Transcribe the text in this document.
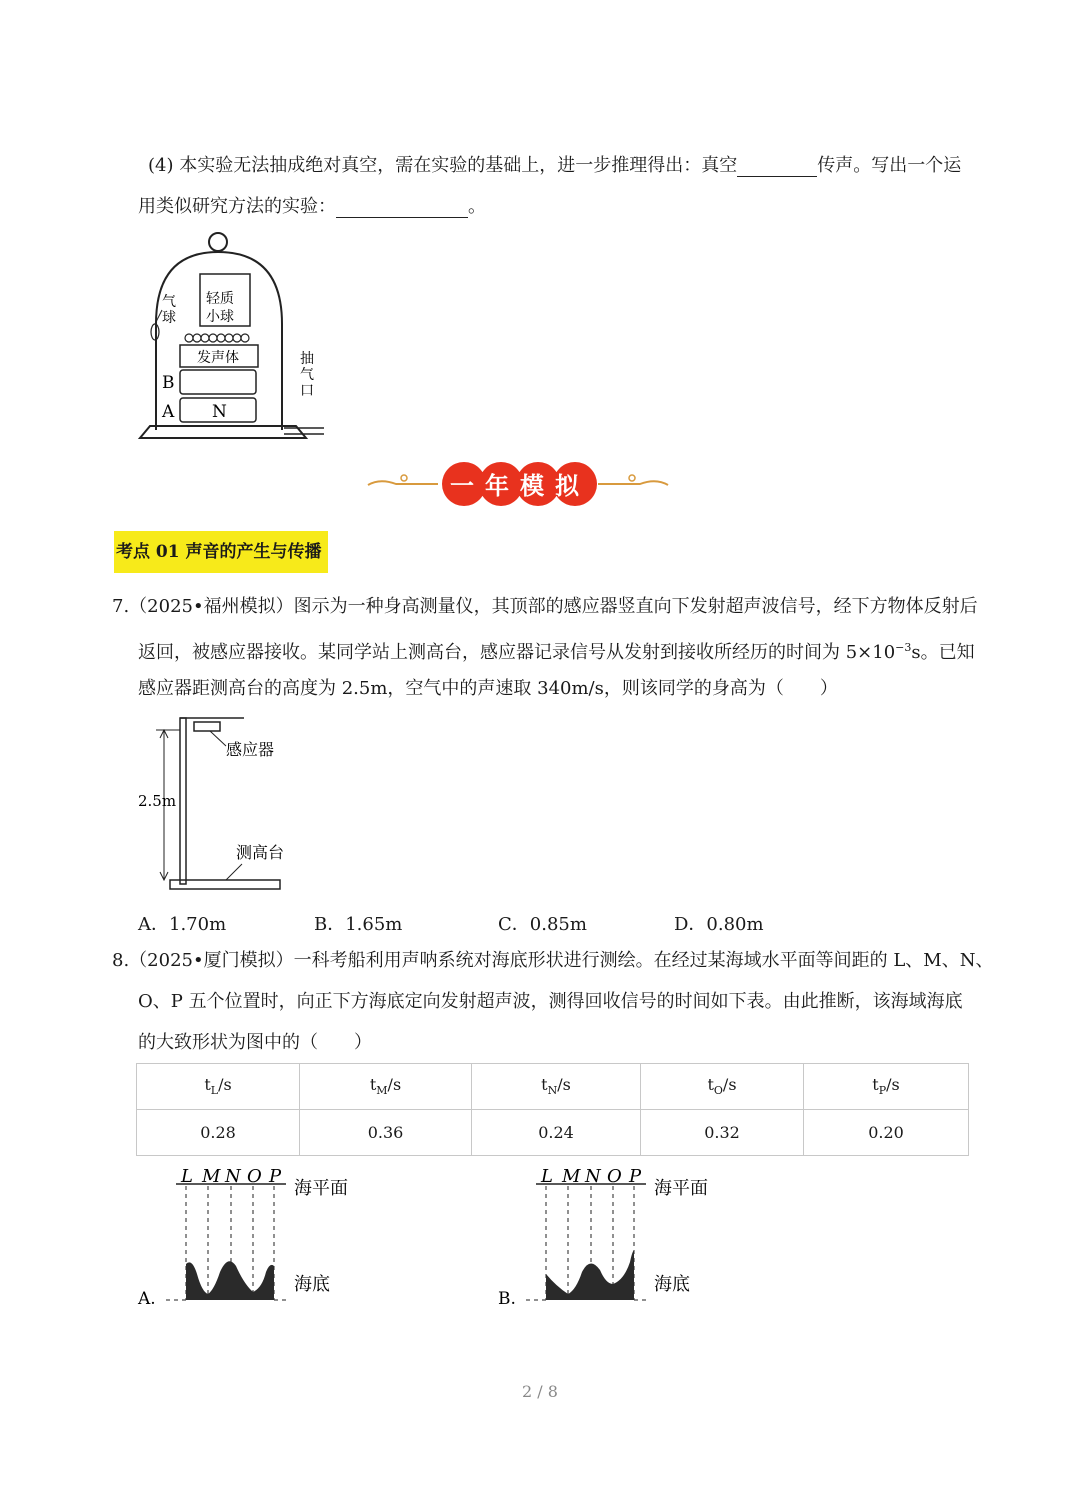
(4) 本实验无法抽成绝对真空，需在实验的基础上，进一步推理得出：真空	传声。写出一个运
用类似研究方法的实验：	。
气
球
轻质
小球
发声体
B
A N
抽
气
口
一年模拟
考点 01 声音的产生与传播
7.（2025•福州模拟）图示为一种身高测量仪，其顶部的感应器竖直向下发射超声波信号，经下方物体反射后
返回，被感应器接收。某同学站上测高台，感应器记录信号从发射到接收所经历的时间为 $5\times 10^{-3}s$。已知
感应器距测高台的高度为 2.5m，空气中的声速取 340m/s，则该同学的身高为（　　）
感应器
2.5m
测高台
A．1.70m	B．1.65m	C．0.85m	D．0.80m
8.（2025•厦门模拟）一科考船利用声呐系统对海底形状进行测绘。在经过某海域水平面等间距的 L、M、N、
O、P 五个位置时，向正下方海底定向发射超声波，测得回收信号的时间如下表。由此推断，该海域海底
的大致形状为图中的（　　）
$t_L/s$	$t_M/s$	$t_N/s$	$t_O/s$	$t_P/s$
0.28	0.36	0.24	0.32	0.20
A.
L M N O P
海平面
海底
B.
L M N O P
海平面
海底
2 / 8
